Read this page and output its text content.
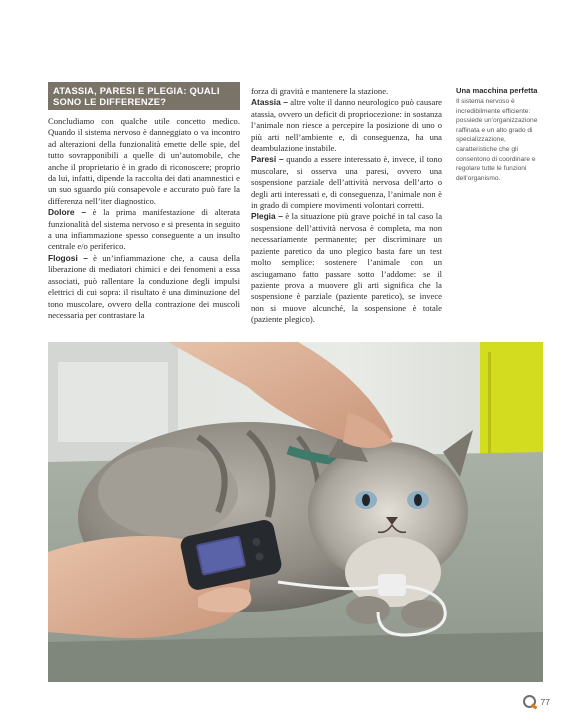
ATASSIA, PARESI E PLEGIA: QUALI SONO LE DIFFERENZE?

Concludiamo con qualche utile concetto medico. Quando il sistema nervoso è danneggiato o va incontro ad alterazioni della funzionalità emette delle spie, del tutto sovrapponibili a quelle di un’automobile, che anche il proprietario è in grado di riconoscere; proprio da lui, infatti, dipende la raccolta dei dati anamnestici e un suo sguardo più consapevole e accurato può fare la differenza nell’iter diagnostico.

Dolore – è la prima manifestazione di alterata funzionalità del sistema nervoso e si presenta in seguito a una infiammazione spesso conseguente a un insulto centrale e/o periferico.

Flogosi – è un’infiammazione che, a causa della liberazione di mediatori chimici e dei fenomeni a essa associati, può rallentare la conduzione degli impulsi elettrici di cui sopra: il risultato è una diminuzione del tono muscolare, ovvero della contrazione dei muscoli necessaria per contrastare la

forza di gravità e mantenere la stazione.

Atassia – altre volte il danno neurologico può causare atassia, ovvero un deficit di propriocezione: in sostanza l’animale non riesce a percepire la posizione di uno o più arti nell’ambiente e, di conseguenza, ha una deambulazione instabile.

Paresi – quando a essere interessato è, invece, il tono muscolare, si osserva una paresi, ovvero una sospensione parziale dell’attività nervosa dell’arto o degli arti interessati e, di conseguenza, l’animale non è in grado di compiere movimenti volontari corretti.

Plegia – è la situazione più grave poiché in tal caso la sospensione dell’attività nervosa è completa, ma non necessariamente permanente; per discriminare un paziente paretico da uno plegico basta fare un test molto semplice: sostenere l’animale con un asciugamano fatto passare sotto l’addome: se il paziente prova a muovere gli arti significa che la sospensione è parziale (paziente paretico), se invece non si muove alcunché, la sospensione è totale (paziente plegico).

Una macchina perfetta
Il sistema nervoso è incredibilmente efficiente: possiede un’organizzazione raffinata e un alto grado di specializzazione, caratteristiche che gli consentono di coordinare e regolare tutte le funzioni dell’organismo.
77
